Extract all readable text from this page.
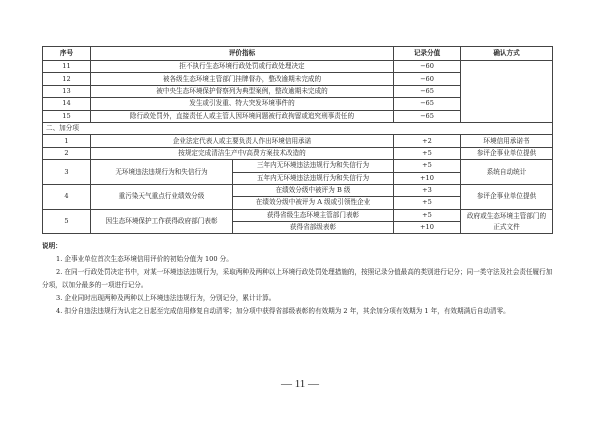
序号	评价指标		记录分值	确认方式
11	拒不执行生态环境行政处罚或行政处理决定		−60	
12	被各级生态环境主管部门挂牌督办，整改逾期未完成的		−60	
13	被中央生态环境保护督察列为典型案例，整改逾期未完成的		−65	
14	发生或引发重、特大突发环境事件的		−65	
15	除行政处罚外，直接责任人或主管人因环境问题被行政拘留或追究刑事责任的		−65	
二、加分项				
1	企业法定代表人或主要负责人作出环境信用承诺		+2	环境信用承诺书
2	按规定完成清洁生产中/高费方案技术改造的		+5	参评企事业单位提供
3	无环境违法违规行为和失信行为	三年内无环境违法违规行为和失信行为	+5	系统自动统计
		五年内无环境违法违规行为和失信行为	+10	
4	重污染天气重点行业绩效分级	在绩效分级中被评为 B 级	+3	参评企事业单位提供
		在绩效分级中被评为 A 级或引领性企业	+5	
5	因生态环境保护工作获得政府部门表彰	获得省级生态环境主管部门表彰	+5	政府或生态环境主管部门的正式文件
		获得省部级表彰	+10	
说明：

1. 企事业单位首次生态环境信用评价的初始分值为 100 分。

2. 在同一行政处罚决定书中，对某一环境违法违规行为，采取两种及两种以上环境行政处罚处理措施的，按照记录分值最高的类别进行记分；同一类守法及社会责任履行加分项，以加分最多的一项进行记分。

3. 企业同时出现两种及两种以上环境违法违规行为，分别记分，累计计算。

4. 扣分自违法违规行为认定之日起至完成信用修复自动清零；加分项中获得省部级表彰的有效期为 2 年，其余加分项有效期为 1 年，有效期满后自动清零。

— 11 —
